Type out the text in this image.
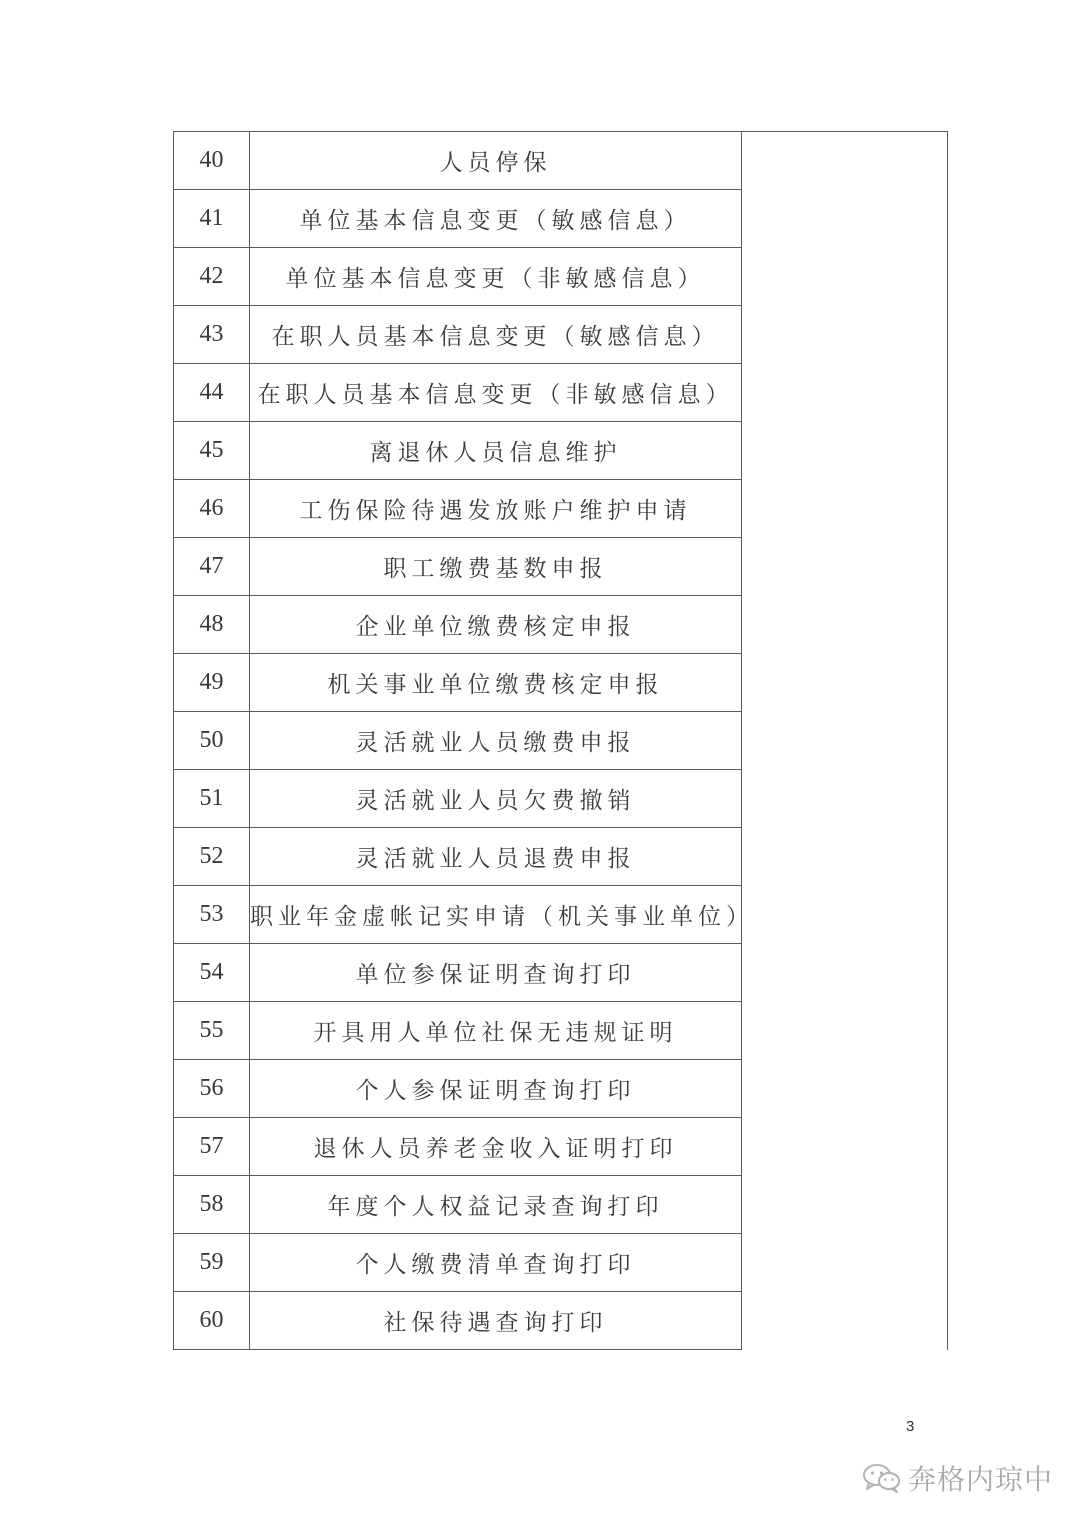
40	人员停保	
41	单位基本信息变更（敏感信息）	
42	单位基本信息变更（非敏感信息）	
43	在职人员基本信息变更（敏感信息）	
44	在职人员基本信息变更（非敏感信息）	
45	离退休人员信息维护	
46	工伤保险待遇发放账户维护申请	
47	职工缴费基数申报	
48	企业单位缴费核定申报	
49	机关事业单位缴费核定申报	
50	灵活就业人员缴费申报	
51	灵活就业人员欠费撤销	
52	灵活就业人员退费申报	
53	职业年金虚帐记实申请（机关事业单位）	
54	单位参保证明查询打印	
55	开具用人单位社保无违规证明	
56	个人参保证明查询打印	
57	退休人员养老金收入证明打印	
58	年度个人权益记录查询打印	
59	个人缴费清单查询打印	
60	社保待遇查询打印	
3
奔格内琼中
